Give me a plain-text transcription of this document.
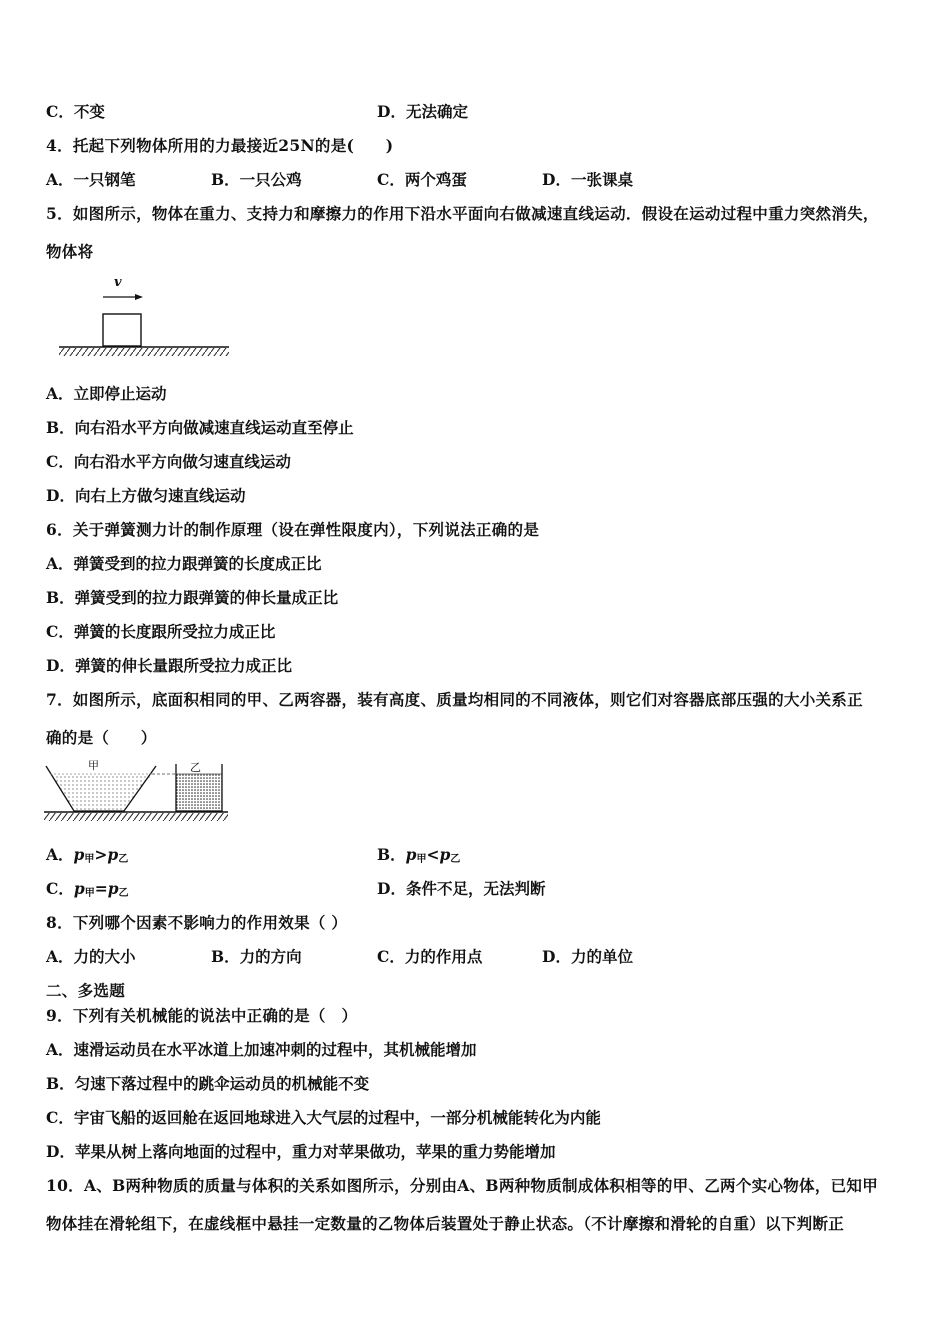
C．不变	D．无法确定
4．托起下列物体所用的力最接近25N的是(　　)
A．一只钢笔	B．一只公鸡	C．两个鸡蛋	D．一张课桌
5．如图所示，物体在重力、支持力和摩擦力的作用下沿水平面向右做减速直线运动．假设在运动过程中重力突然消失，
物体将
v
A．立即停止运动
B．向右沿水平方向做减速直线运动直至停止
C．向右沿水平方向做匀速直线运动
D．向右上方做匀速直线运动
6．关于弹簧测力计的制作原理（设在弹性限度内），下列说法正确的是
A．弹簧受到的拉力跟弹簧的长度成正比
B．弹簧受到的拉力跟弹簧的伸长量成正比
C．弹簧的长度跟所受拉力成正比
D．弹簧的伸长量跟所受拉力成正比
7．如图所示，底面积相同的甲、乙两容器，装有高度、质量均相同的不同液体，则它们对容器底部压强的大小关系正
确的是（　　）
甲	乙
A．$p_甲>p_乙$	B．$p_甲<p_乙$
C．$p_甲=p_乙$	D．条件不足，无法判断
8．下列哪个因素不影响力的作用效果（ ）
A．力的大小	B．力的方向	C．力的作用点	D．力的单位
二、多选题
9．下列有关机械能的说法中正确的是（　）
A．速滑运动员在水平冰道上加速冲刺的过程中，其机械能增加
B．匀速下落过程中的跳伞运动员的机械能不变
C．宇宙飞船的返回舱在返回地球进入大气层的过程中，一部分机械能转化为内能
D．苹果从树上落向地面的过程中，重力对苹果做功，苹果的重力势能增加
10．A、B两种物质的质量与体积的关系如图所示，分别由A、B两种物质制成体积相等的甲、乙两个实心物体，已知甲
物体挂在滑轮组下，在虚线框中悬挂一定数量的乙物体后装置处于静止状态。（不计摩擦和滑轮的自重）以下判断正
